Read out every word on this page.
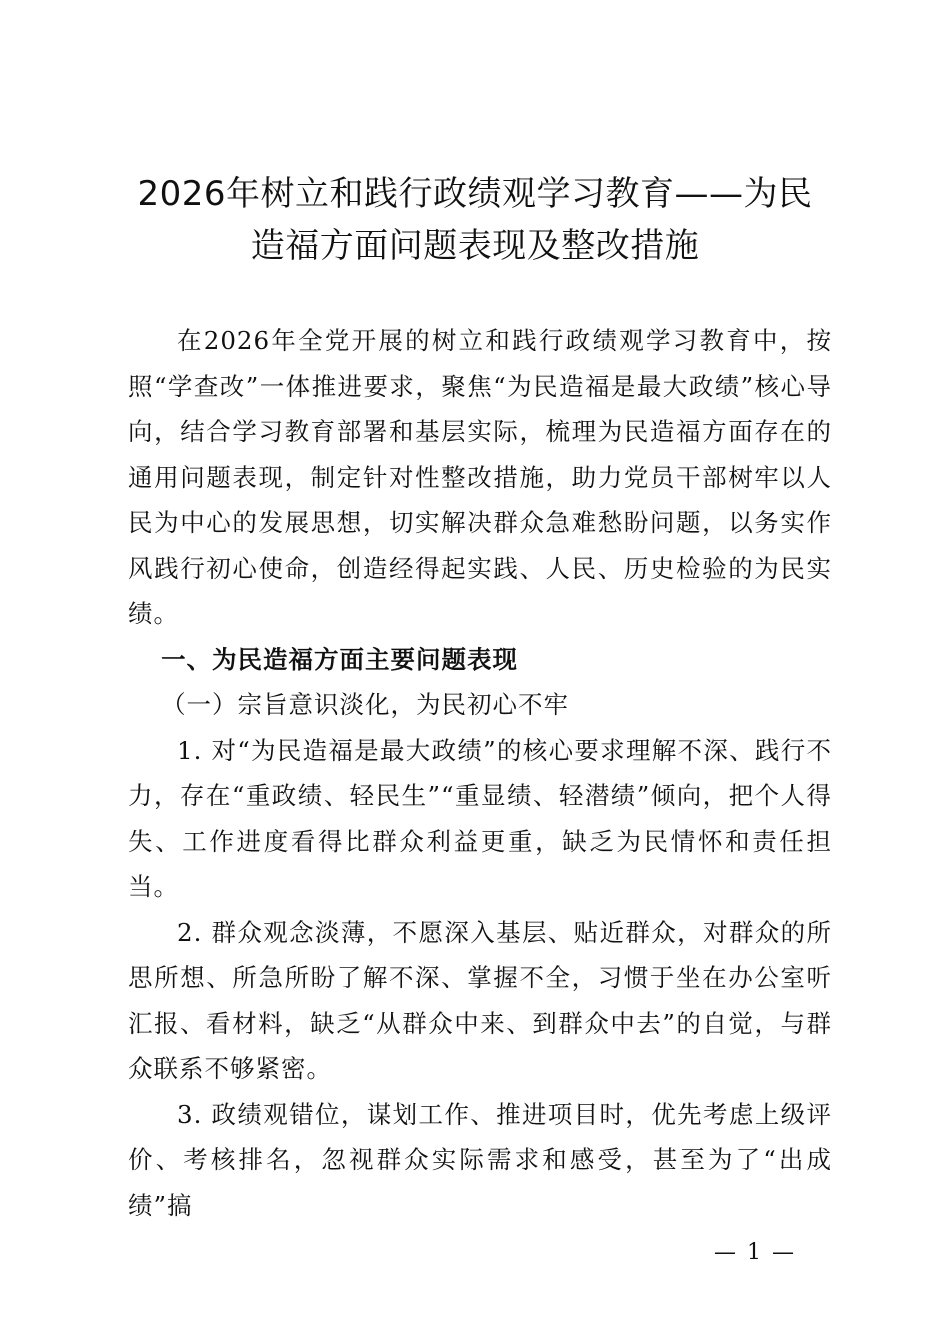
2026年树立和践行政绩观学习教育——为民
造福方面问题表现及整改措施

在2026年全党开展的树立和践行政绩观学习教育中，按照“学查改”一体推进要求，聚焦“为民造福是最大政绩”核心导向，结合学习教育部署和基层实际，梳理为民造福方面存在的通用问题表现，制定针对性整改措施，助力党员干部树牢以人民为中心的发展思想，切实解决群众急难愁盼问题，以务实作风践行初心使命，创造经得起实践、人民、历史检验的为民实绩。

一、为民造福方面主要问题表现
（一）宗旨意识淡化，为民初心不牢

1. 对“为民造福是最大政绩”的核心要求理解不深、践行不力，存在“重政绩、轻民生”“重显绩、轻潜绩”倾向，把个人得失、工作进度看得比群众利益更重，缺乏为民情怀和责任担当。

2. 群众观念淡薄，不愿深入基层、贴近群众，对群众的所思所想、所急所盼了解不深、掌握不全，习惯于坐在办公室听汇报、看材料，缺乏“从群众中来、到群众中去”的自觉，与群众联系不够紧密。

3. 政绩观错位，谋划工作、推进项目时，优先考虑上级评价、考核排名，忽视群众实际需求和感受，甚至为了“出成绩”搞

— 1 —
